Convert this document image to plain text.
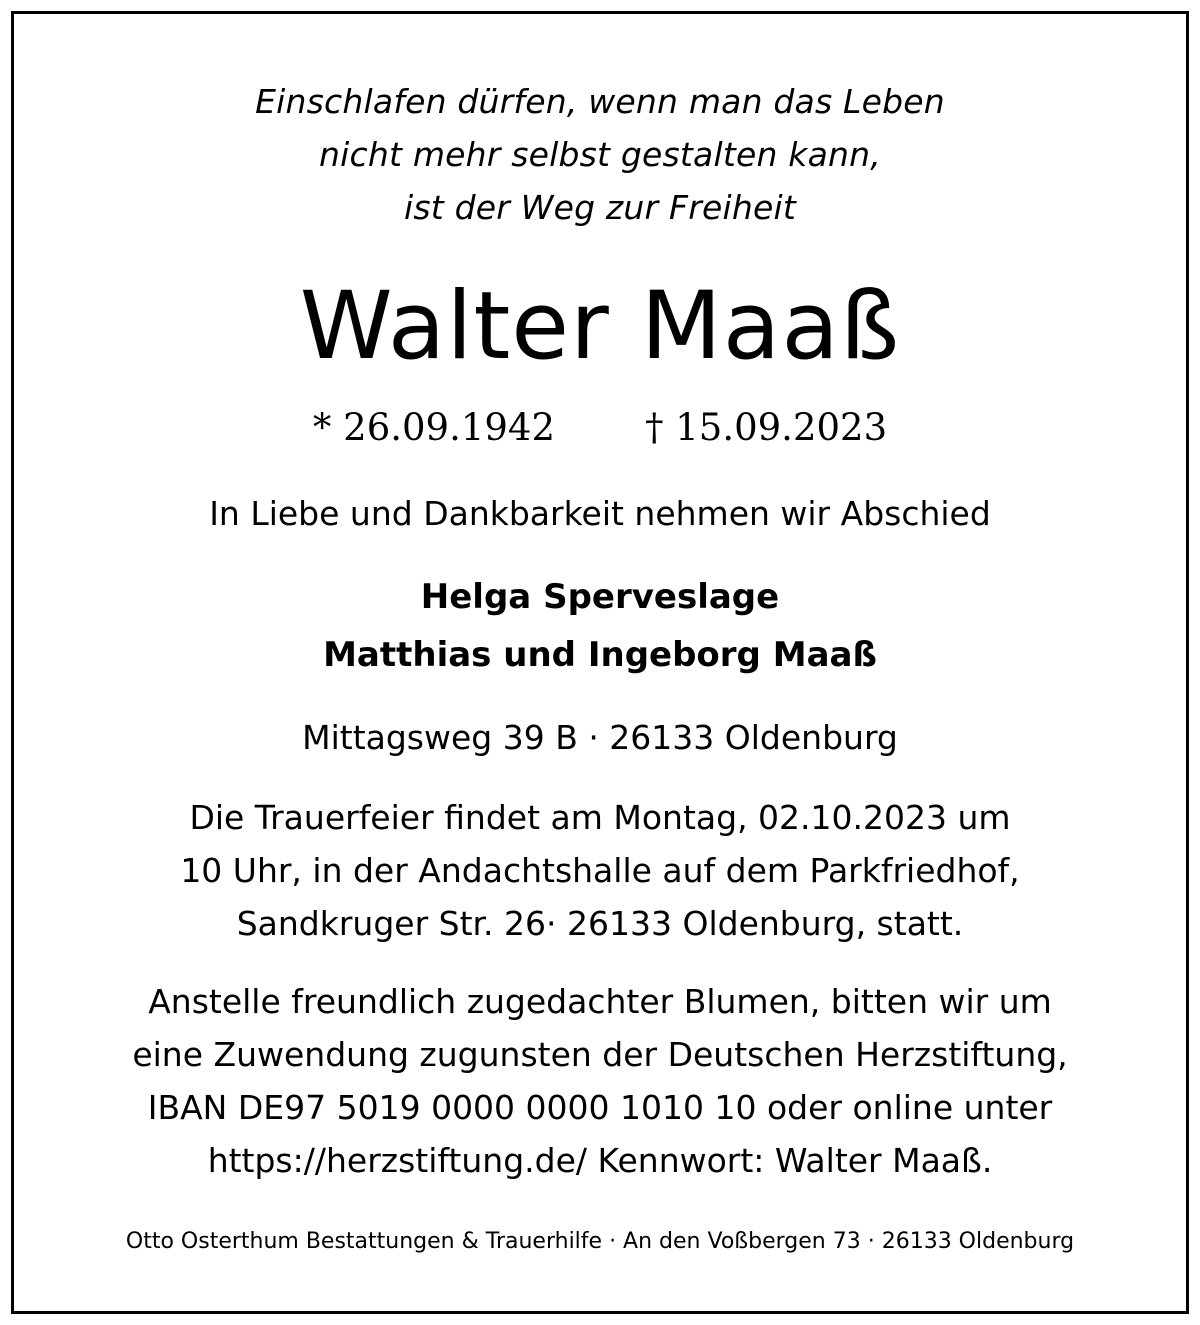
Einschlafen dürfen, wenn man das Leben
nicht mehr selbst gestalten kann,
ist der Weg zur Freiheit
Walter Maaß
* 26.09.1942 † 15.09.2023
In Liebe und Dankbarkeit nehmen wir Abschied
Helga Sperveslage
Matthias und Ingeborg Maaß
Mittagsweg 39 B · 26133 Oldenburg
Die Trauerfeier findet am Montag, 02.10.2023 um
10 Uhr, in der Andachtshalle auf dem Parkfriedhof,
Sandkruger Str. 26· 26133 Oldenburg, statt.
Anstelle freundlich zugedachter Blumen, bitten wir um
eine Zuwendung zugunsten der Deutschen Herzstiftung,
IBAN DE97 5019 0000 0000 1010 10 oder online unter
https://herzstiftung.de/ Kennwort: Walter Maaß.
Otto Osterthum Bestattungen & Trauerhilfe · An den Voßbergen 73 · 26133 Oldenburg
